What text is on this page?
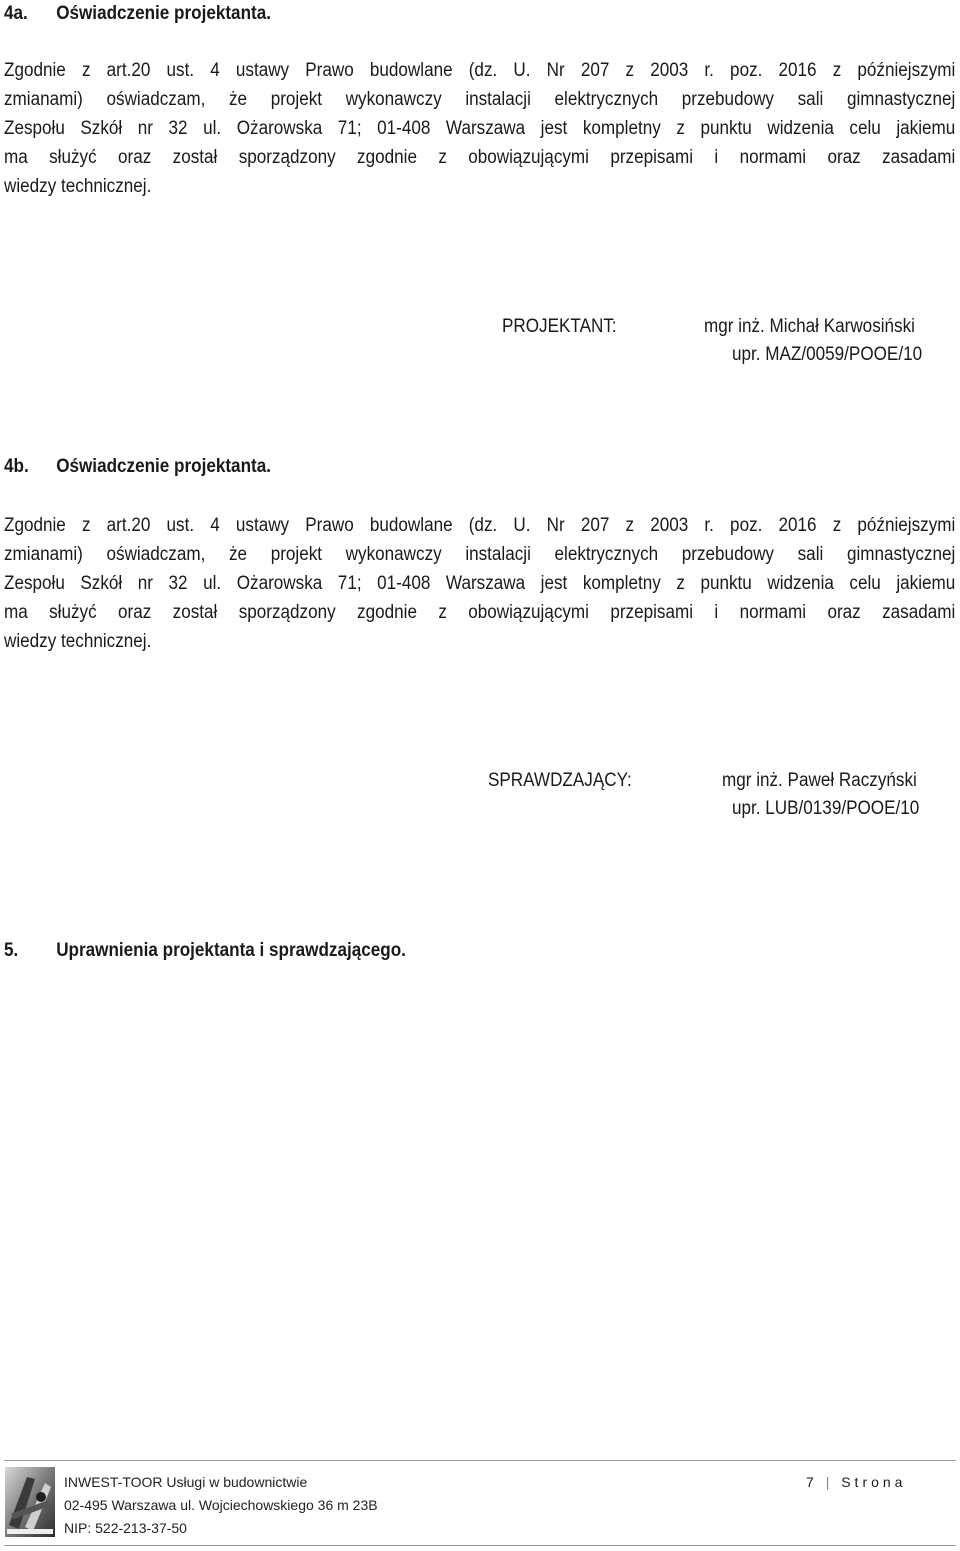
4a. Oświadczenie projektanta.
Zgodnie z art.20 ust. 4 ustawy Prawo budowlane (dz. U. Nr 207 z 2003 r. poz. 2016 z późniejszymi
zmianami) oświadczam, że projekt wykonawczy instalacji elektrycznych przebudowy sali gimnastycznej
Zespołu Szkół nr 32 ul. Ożarowska 71; 01-408 Warszawa jest kompletny z punktu widzenia celu jakiemu
ma służyć oraz został sporządzony zgodnie z obowiązującymi przepisami i normami oraz zasadami
wiedzy technicznej.
PROJEKTANT:	mgr inż. Michał Karwosiński
upr. MAZ/0059/POOE/10
4b. Oświadczenie projektanta.
Zgodnie z art.20 ust. 4 ustawy Prawo budowlane (dz. U. Nr 207 z 2003 r. poz. 2016 z późniejszymi
zmianami) oświadczam, że projekt wykonawczy instalacji elektrycznych przebudowy sali gimnastycznej
Zespołu Szkół nr 32 ul. Ożarowska 71; 01-408 Warszawa jest kompletny z punktu widzenia celu jakiemu
ma służyć oraz został sporządzony zgodnie z obowiązującymi przepisami i normami oraz zasadami
wiedzy technicznej.
SPRAWDZAJĄCY:	mgr inż. Paweł Raczyński
upr. LUB/0139/POOE/10
5. Uprawnienia projektanta i sprawdzającego.
INWEST-TOOR Usługi w budownictwie
02-495 Warszawa ul. Wojciechowskiego 36 m 23B
NIP: 522-213-37-50
7 | Strona
